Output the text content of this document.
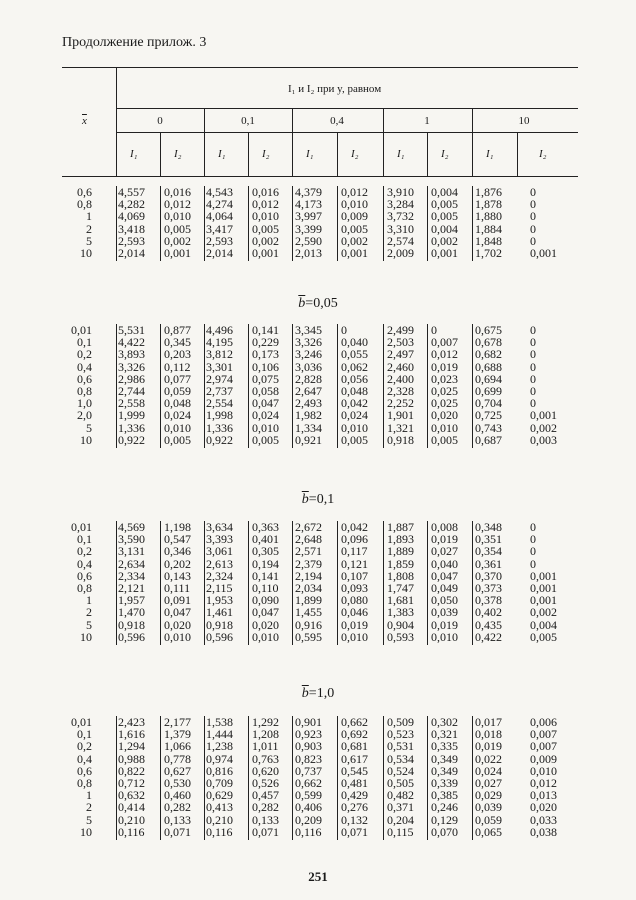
Продолжение прилож. 3
$\overline{x}$
I₁ и I₂ при y, равном
0	0,1	0,4	1	10
I₁	I₂	I₁	I₂	I₁	I₂	I₁	I₂	I₁	I₂
0,6 4,557 0,016 4,543 0,016 4,379 0,012 3,910 0,004 1,876 0
0,8 4,282 0,012 4,274 0,012 4,173 0,010 3,284 0,005 1,878 0
1 4,069 0,010 4,064 0,010 3,997 0,009 3,732 0,005 1,880 0
2 3,418 0,005 3,417 0,005 3,399 0,005 3,310 0,004 1,884 0
5 2,593 0,002 2,593 0,002 2,590 0,002 2,574 0,002 1,848 0
10 2,014 0,001 2,014 0,001 2,013 0,001 2,009 0,001 1,702 0,001
$\overline{b}=0,05$
0,01 5,531 0,877 4,496 0,141 3,345 0	2,499 0	0,675 0
0,1 4,422 0,345 4,195 0,229 3,326 0,040 2,503 0,007 0,678 0
0,2 3,893 0,203 3,812 0,173 3,246 0,055 2,497 0,012 0,682 0
0,4 3,326 0,112 3,301 0,106 3,036 0,062 2,460 0,019 0,688 0
0,6 2,986 0,077 2,974 0,075 2,828 0,056 2,400 0,023 0,694 0
0,8 2,744 0,059 2,737 0,058 2,647 0,048 2,328 0,025 0,699 0
1,0 2,558 0,048 2,554 0,047 2,493 0,042 2,252 0,025 0,704 0
2,0 1,999 0,024 1,998 0,024 1,982 0,024 1,901 0,020 0,725 0,001
5 1,336 0,010 1,336 0,010 1,334 0,010 1,321 0,010 0,743 0,002
10 0,922 0,005 0,922 0,005 0,921 0,005 0,918 0,005 0,687 0,003
$\overline{b}=0,1$
0,01 4,569 1,198 3,634 0,363 2,672 0,042 1,887 0,008 0,348 0
0,1 3,590 0,547 3,393 0,401 2,648 0,096 1,893 0,019 0,351 0
0,2 3,131 0,346 3,061 0,305 2,571 0,117 1,889 0,027 0,354 0
0,4 2,634 0,202 2,613 0,194 2,379 0,121 1,859 0,040 0,361 0
0,6 2,334 0,143 2,324 0,141 2,194 0,107 1,808 0,047 0,370 0,001
0,8 2,121 0,111 2,115 0,110 2,034 0,093 1,747 0,049 0,373 0,001
1 1,957 0,091 1,953 0,090 1,899 0,080 1,681 0,050 0,378 0,001
2 1,470 0,047 1,461 0,047 1,455 0,046 1,383 0,039 0,402 0,002
5 0,918 0,020 0,918 0,020 0,916 0,019 0,904 0,019 0,435 0,004
10 0,596 0,010 0,596 0,010 0,595 0,010 0,593 0,010 0,422 0,005
$\overline{b}=1,0$
0,01 2,423 2,177 1,538 1,292 0,901 0,662 0,509 0,302 0,017 0,006
0,1 1,616 1,379 1,444 1,208 0,923 0,692 0,523 0,321 0,018 0,007
0,2 1,294 1,066 1,238 1,011 0,903 0,681 0,531 0,335 0,019 0,007
0,4 0,988 0,778 0,974 0,763 0,823 0,617 0,534 0,349 0,022 0,009
0,6 0,822 0,627 0,816 0,620 0,737 0,545 0,524 0,349 0,024 0,010
0,8 0,712 0,530 0,709 0,526 0,662 0,481 0,505 0,339 0,027 0,012
1 0,632 0,460 0,629 0,457 0,599 0,429 0,482 0,385 0,029 0,013
2 0,414 0,282 0,413 0,282 0,406 0,276 0,371 0,246 0,039 0,020
5 0,210 0,133 0,210 0,133 0,209 0,132 0,204 0,129 0,059 0,033
10 0,116 0,071 0,116 0,071 0,116 0,071 0,115 0,070 0,065 0,038
251
